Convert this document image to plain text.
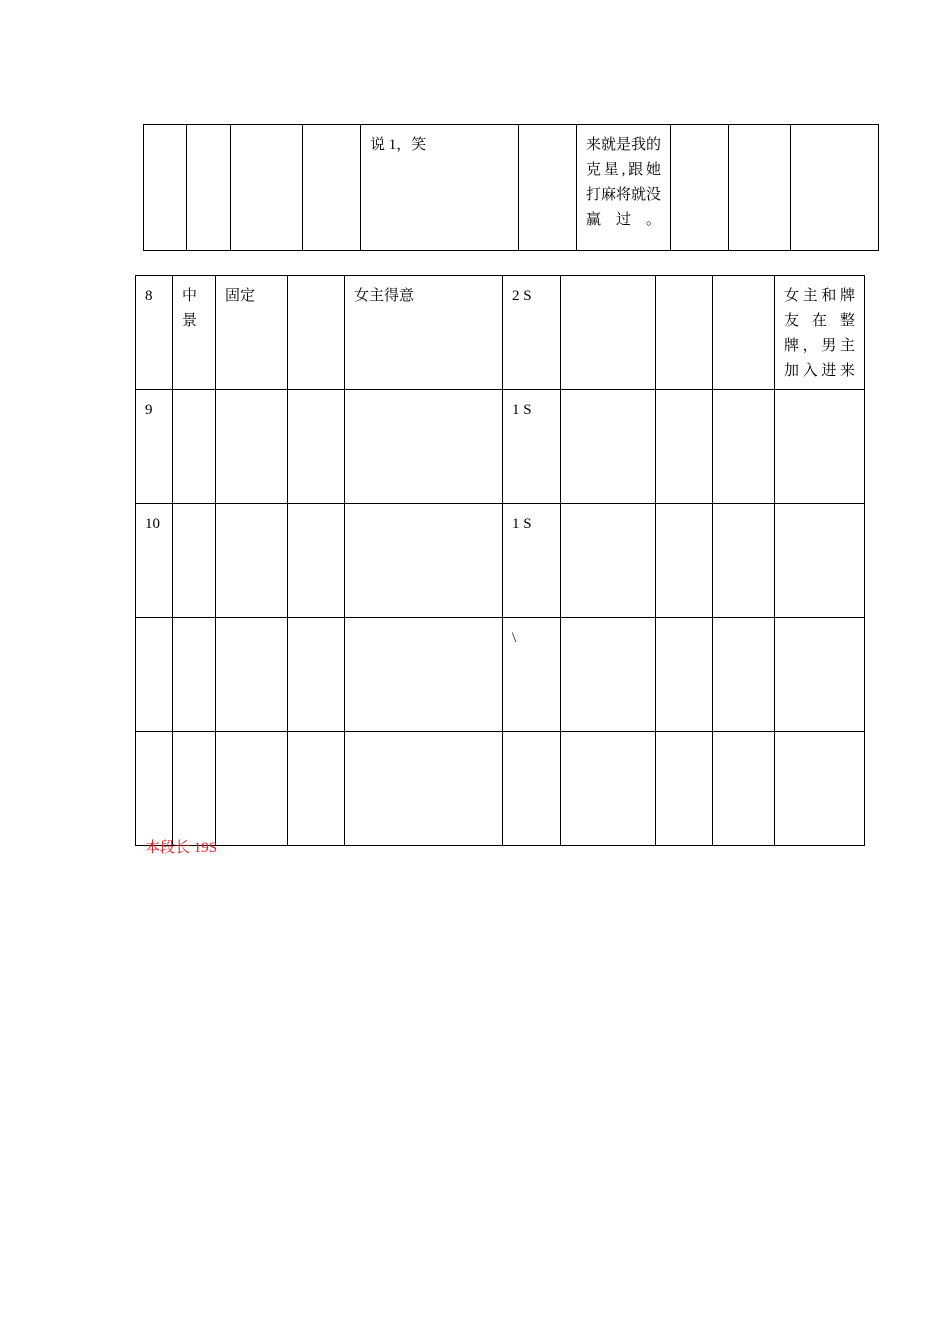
				说 1，笑		来就是我的克星,跟她打麻将就没赢过。			
8	中景	固定		女主得意	2 S				女主和牌友在整牌，男主加入进来
9					1 S				
10					1 S				
					\				

本段长 19S
